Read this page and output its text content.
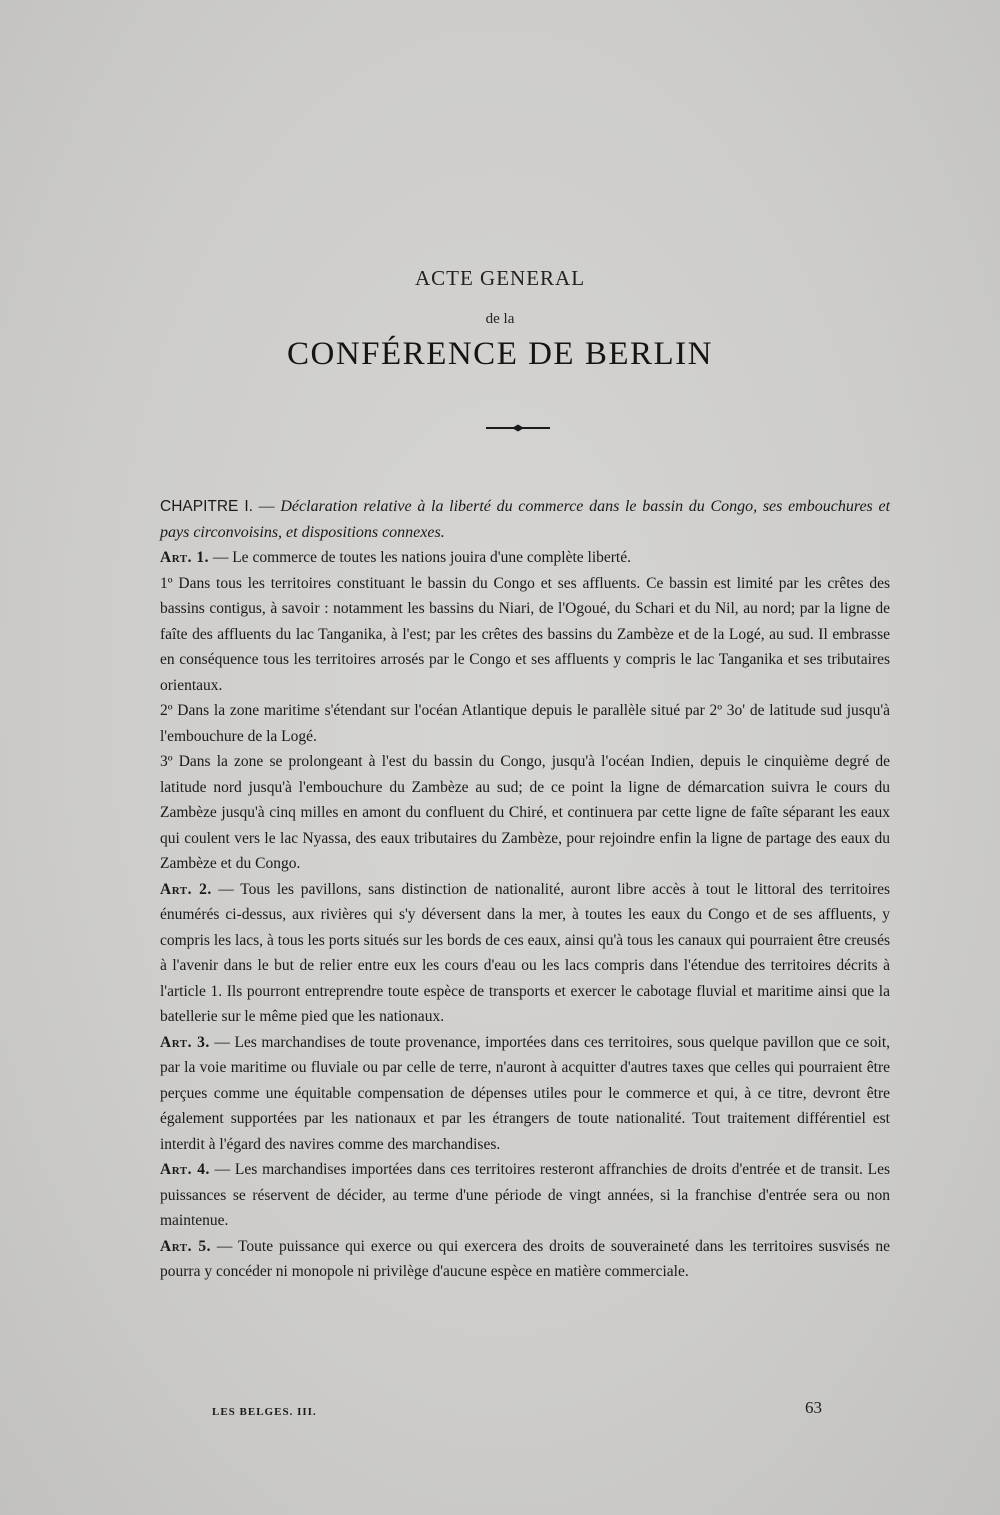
ACTE GENERAL
de la
CONFÉRENCE DE BERLIN

CHAPITRE I. — Déclaration relative à la liberté du commerce dans le bassin du Congo, ses embouchures et pays circonvoisins, et dispositions connexes.

Art. 1. — Le commerce de toutes les nations jouira d'une complète liberté.

1º Dans tous les territoires constituant le bassin du Congo et ses affluents. Ce bassin est limité par les crêtes des bassins contigus, à savoir : notamment les bassins du Niari, de l'Ogoué, du Schari et du Nil, au nord; par la ligne de faîte des affluents du lac Tanganika, à l'est; par les crêtes des bassins du Zambèze et de la Logé, au sud. Il embrasse en conséquence tous les territoires arrosés par le Congo et ses affluents y compris le lac Tanganika et ses tributaires orientaux.

2º Dans la zone maritime s'étendant sur l'océan Atlantique depuis le parallèle situé par 2º 3o' de latitude sud jusqu'à l'embouchure de la Logé.

3º Dans la zone se prolongeant à l'est du bassin du Congo, jusqu'à l'océan Indien, depuis le cinquième degré de latitude nord jusqu'à l'embouchure du Zambèze au sud; de ce point la ligne de démarcation suivra le cours du Zambèze jusqu'à cinq milles en amont du confluent du Chiré, et continuera par cette ligne de faîte séparant les eaux qui coulent vers le lac Nyassa, des eaux tributaires du Zambèze, pour rejoindre enfin la ligne de partage des eaux du Zambèze et du Congo.

Art. 2. — Tous les pavillons, sans distinction de nationalité, auront libre accès à tout le littoral des territoires énumérés ci-dessus, aux rivières qui s'y déversent dans la mer, à toutes les eaux du Congo et de ses affluents, y compris les lacs, à tous les ports situés sur les bords de ces eaux, ainsi qu'à tous les canaux qui pourraient être creusés à l'avenir dans le but de relier entre eux les cours d'eau ou les lacs compris dans l'étendue des territoires décrits à l'article 1. Ils pourront entreprendre toute espèce de transports et exercer le cabotage fluvial et maritime ainsi que la batellerie sur le même pied que les nationaux.

Art. 3. — Les marchandises de toute provenance, importées dans ces territoires, sous quelque pavillon que ce soit, par la voie maritime ou fluviale ou par celle de terre, n'auront à acquitter d'autres taxes que celles qui pourraient être perçues comme une équitable compensation de dépenses utiles pour le commerce et qui, à ce titre, devront être également supportées par les nationaux et par les étrangers de toute nationalité. Tout traitement différentiel est interdit à l'égard des navires comme des marchandises.

Art. 4. — Les marchandises importées dans ces territoires resteront affranchies de droits d'entrée et de transit. Les puissances se réservent de décider, au terme d'une période de vingt années, si la franchise d'entrée sera ou non maintenue.

Art. 5. — Toute puissance qui exerce ou qui exercera des droits de souveraineté dans les territoires susvisés ne pourra y concéder ni monopole ni privilège d'aucune espèce en matière commerciale.

LES BELGES. III.	63
